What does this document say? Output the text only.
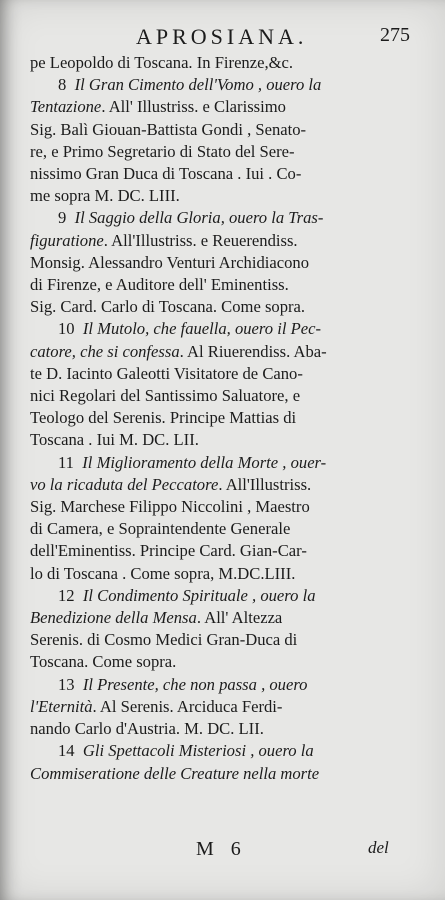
APROSIANA.	275
pe Leopoldo di Toscana. In Firenze,&c.
8  Il Gran Cimento dell'Vomo , ouero la
Tentazione. All' Illustriss. e Clarissimo
Sig. Balì Giouan-Battista Gondi , Senato-
re, e Primo Segretario di Stato del Sere-
nissimo Gran Duca di Toscana . Iui . Co-
me sopra M. DC. LIII.
9  Il Saggio della Gloria, ouero la Tras-
figuratione. All'Illustriss. e Reuerendiss.
Monsig. Alessandro Venturi Archidiacono
di Firenze, e Auditore dell' Eminentiss.
Sig. Card. Carlo di Toscana. Come sopra.
10  Il Mutolo, che fauella, ouero il Pec-
catore, che si confessa. Al Riuerendiss. Aba-
te D. Iacinto Galeotti Visitatore de Cano-
nici Regolari del Santissimo Saluatore, e
Teologo del Serenis. Principe Mattias di
Toscana . Iui M. DC. LII.
11  Il Miglioramento della Morte , ouer-
vo la ricaduta del Peccatore. All'Illustriss.
Sig. Marchese Filippo Niccolini , Maestro
di Camera, e Sopraintendente Generale
dell'Eminentiss. Principe Card. Gian-Car-
lo di Toscana . Come sopra, M.DC.LIII.
12  Il Condimento Spirituale , ouero la
Benedizione della Mensa. All' Altezza
Serenis. di Cosmo Medici Gran-Duca di
Toscana. Come sopra.
13  Il Presente, che non passa , ouero
l'Eternità. Al Serenis. Arciduca Ferdi-
nando Carlo d'Austria. M. DC. LII.
14  Gli Spettacoli Misteriosi , ouero la
Commiseratione delle Creature nella morte
M 6	del
